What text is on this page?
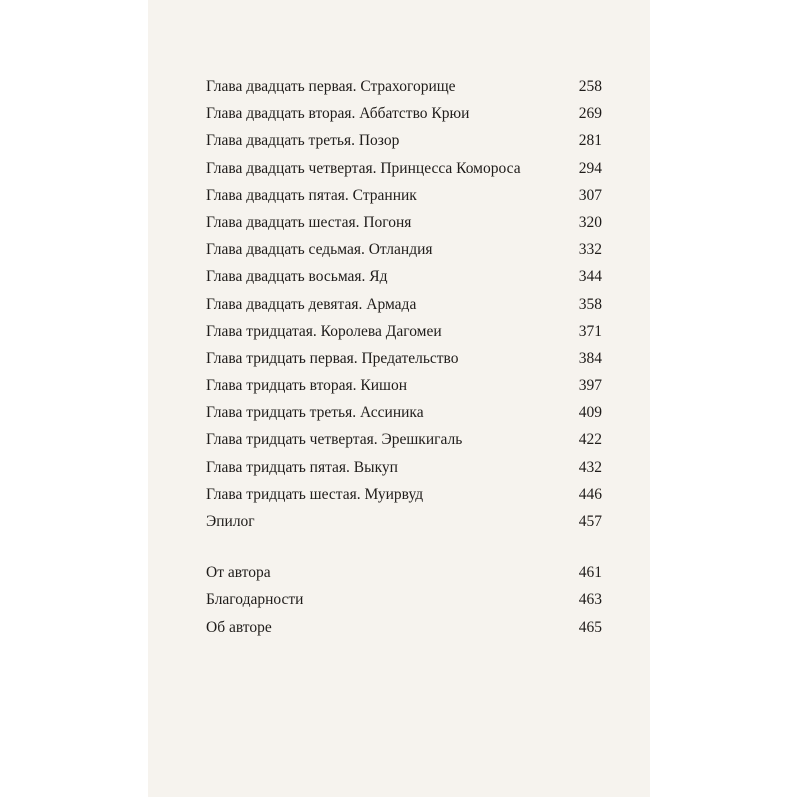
Глава двадцать первая. Страхогорище	258
Глава двадцать вторая. Аббатство Крюи	269
Глава двадцать третья. Позор	281
Глава двадцать четвертая. Принцесса Комороса	294
Глава двадцать пятая. Странник	307
Глава двадцать шестая. Погоня	320
Глава двадцать седьмая. Отландия	332
Глава двадцать восьмая. Яд	344
Глава двадцать девятая. Армада	358
Глава тридцатая. Королева Дагомеи	371
Глава тридцать первая. Предательство	384
Глава тридцать вторая. Кишон	397
Глава тридцать третья. Ассиника	409
Глава тридцать четвертая. Эрешкигаль	422
Глава тридцать пятая. Выкуп	432
Глава тридцать шестая. Муирвуд	446
Эпилог	457
От автора	461
Благодарности	463
Об авторе	465
